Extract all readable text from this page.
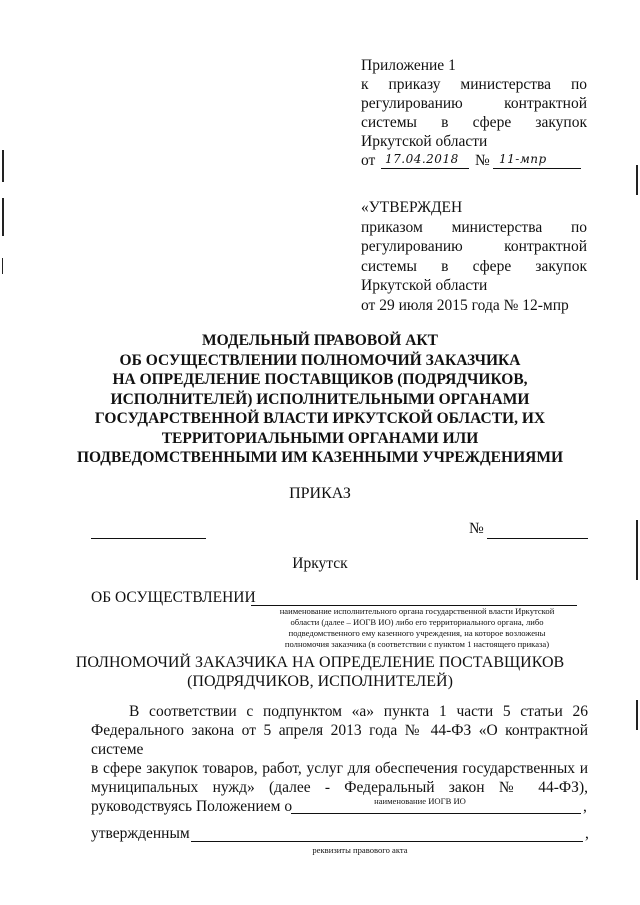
Приложение 1
к приказу министерства по
регулированию контрактной
системы в сфере закупок
Иркутской области
от 17.04.2018 № 11-мпр
«УТВЕРЖДЕН
приказом министерства по
регулированию контрактной
системы в сфере закупок
Иркутской области
от 29 июля 2015 года № 12-мпр
МОДЕЛЬНЫЙ ПРАВОВОЙ АКТ
ОБ ОСУЩЕСТВЛЕНИИ ПОЛНОМОЧИЙ ЗАКАЗЧИКА
НА ОПРЕДЕЛЕНИЕ ПОСТАВЩИКОВ (ПОДРЯДЧИКОВ,
ИСПОЛНИТЕЛЕЙ) ИСПОЛНИТЕЛЬНЫМИ ОРГАНАМИ
ГОСУДАРСТВЕННОЙ ВЛАСТИ ИРКУТСКОЙ ОБЛАСТИ, ИХ
ТЕРРИТОРИАЛЬНЫМИ ОРГАНАМИ ИЛИ
ПОДВЕДОМСТВЕННЫМИ ИМ КАЗЕННЫМИ УЧРЕЖДЕНИЯМИ
ПРИКАЗ
№
Иркутск
ОБ ОСУЩЕСТВЛЕНИИ
наименование исполнительного органа государственной власти Иркутской
области (далее – ИОГВ ИО) либо его территориального органа, либо
подведомственного ему казенного учреждения, на которое возложены
полномочия заказчика (в соответствии с пунктом 1 настоящего приказа)
ПОЛНОМОЧИЙ ЗАКАЗЧИКА НА ОПРЕДЕЛЕНИЕ ПОСТАВЩИКОВ
(ПОДРЯДЧИКОВ, ИСПОЛНИТЕЛЕЙ)
В соответствии с подпунктом «а» пункта 1 части 5 статьи 26
Федерального закона от 5 апреля 2013 года № 44-ФЗ «О контрактной системе
в сфере закупок товаров, работ, услуг для обеспечения государственных и
муниципальных нужд» (далее - Федеральный закон № 44-ФЗ),
руководствуясь Положением о	,
наименование ИОГВ ИО
утвержденным	,
реквизиты правового акта
